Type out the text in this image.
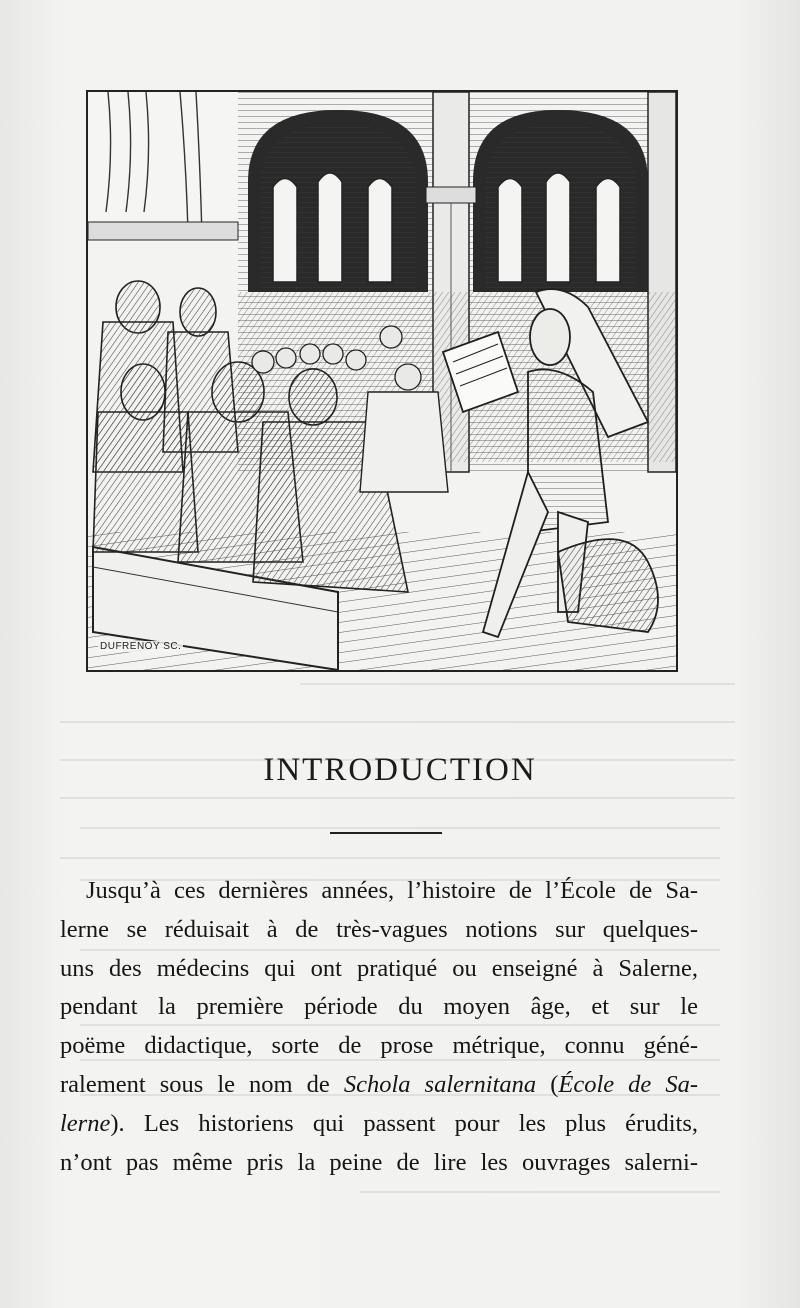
DUFRENOY SC.
INTRODUCTION
Jusqu’à ces dernières années, l’histoire de l’École de Sa-
lerne se réduisait à de très-vagues notions sur quelques-
uns des médecins qui ont pratiqué ou enseigné à Salerne,
pendant la première période du moyen âge, et sur le
poëme didactique, sorte de prose métrique, connu géné-
ralement sous le nom de Schola salernitana (École de Sa-
lerne). Les historiens qui passent pour les plus érudits,
n’ont pas même pris la peine de lire les ouvrages salerni-
